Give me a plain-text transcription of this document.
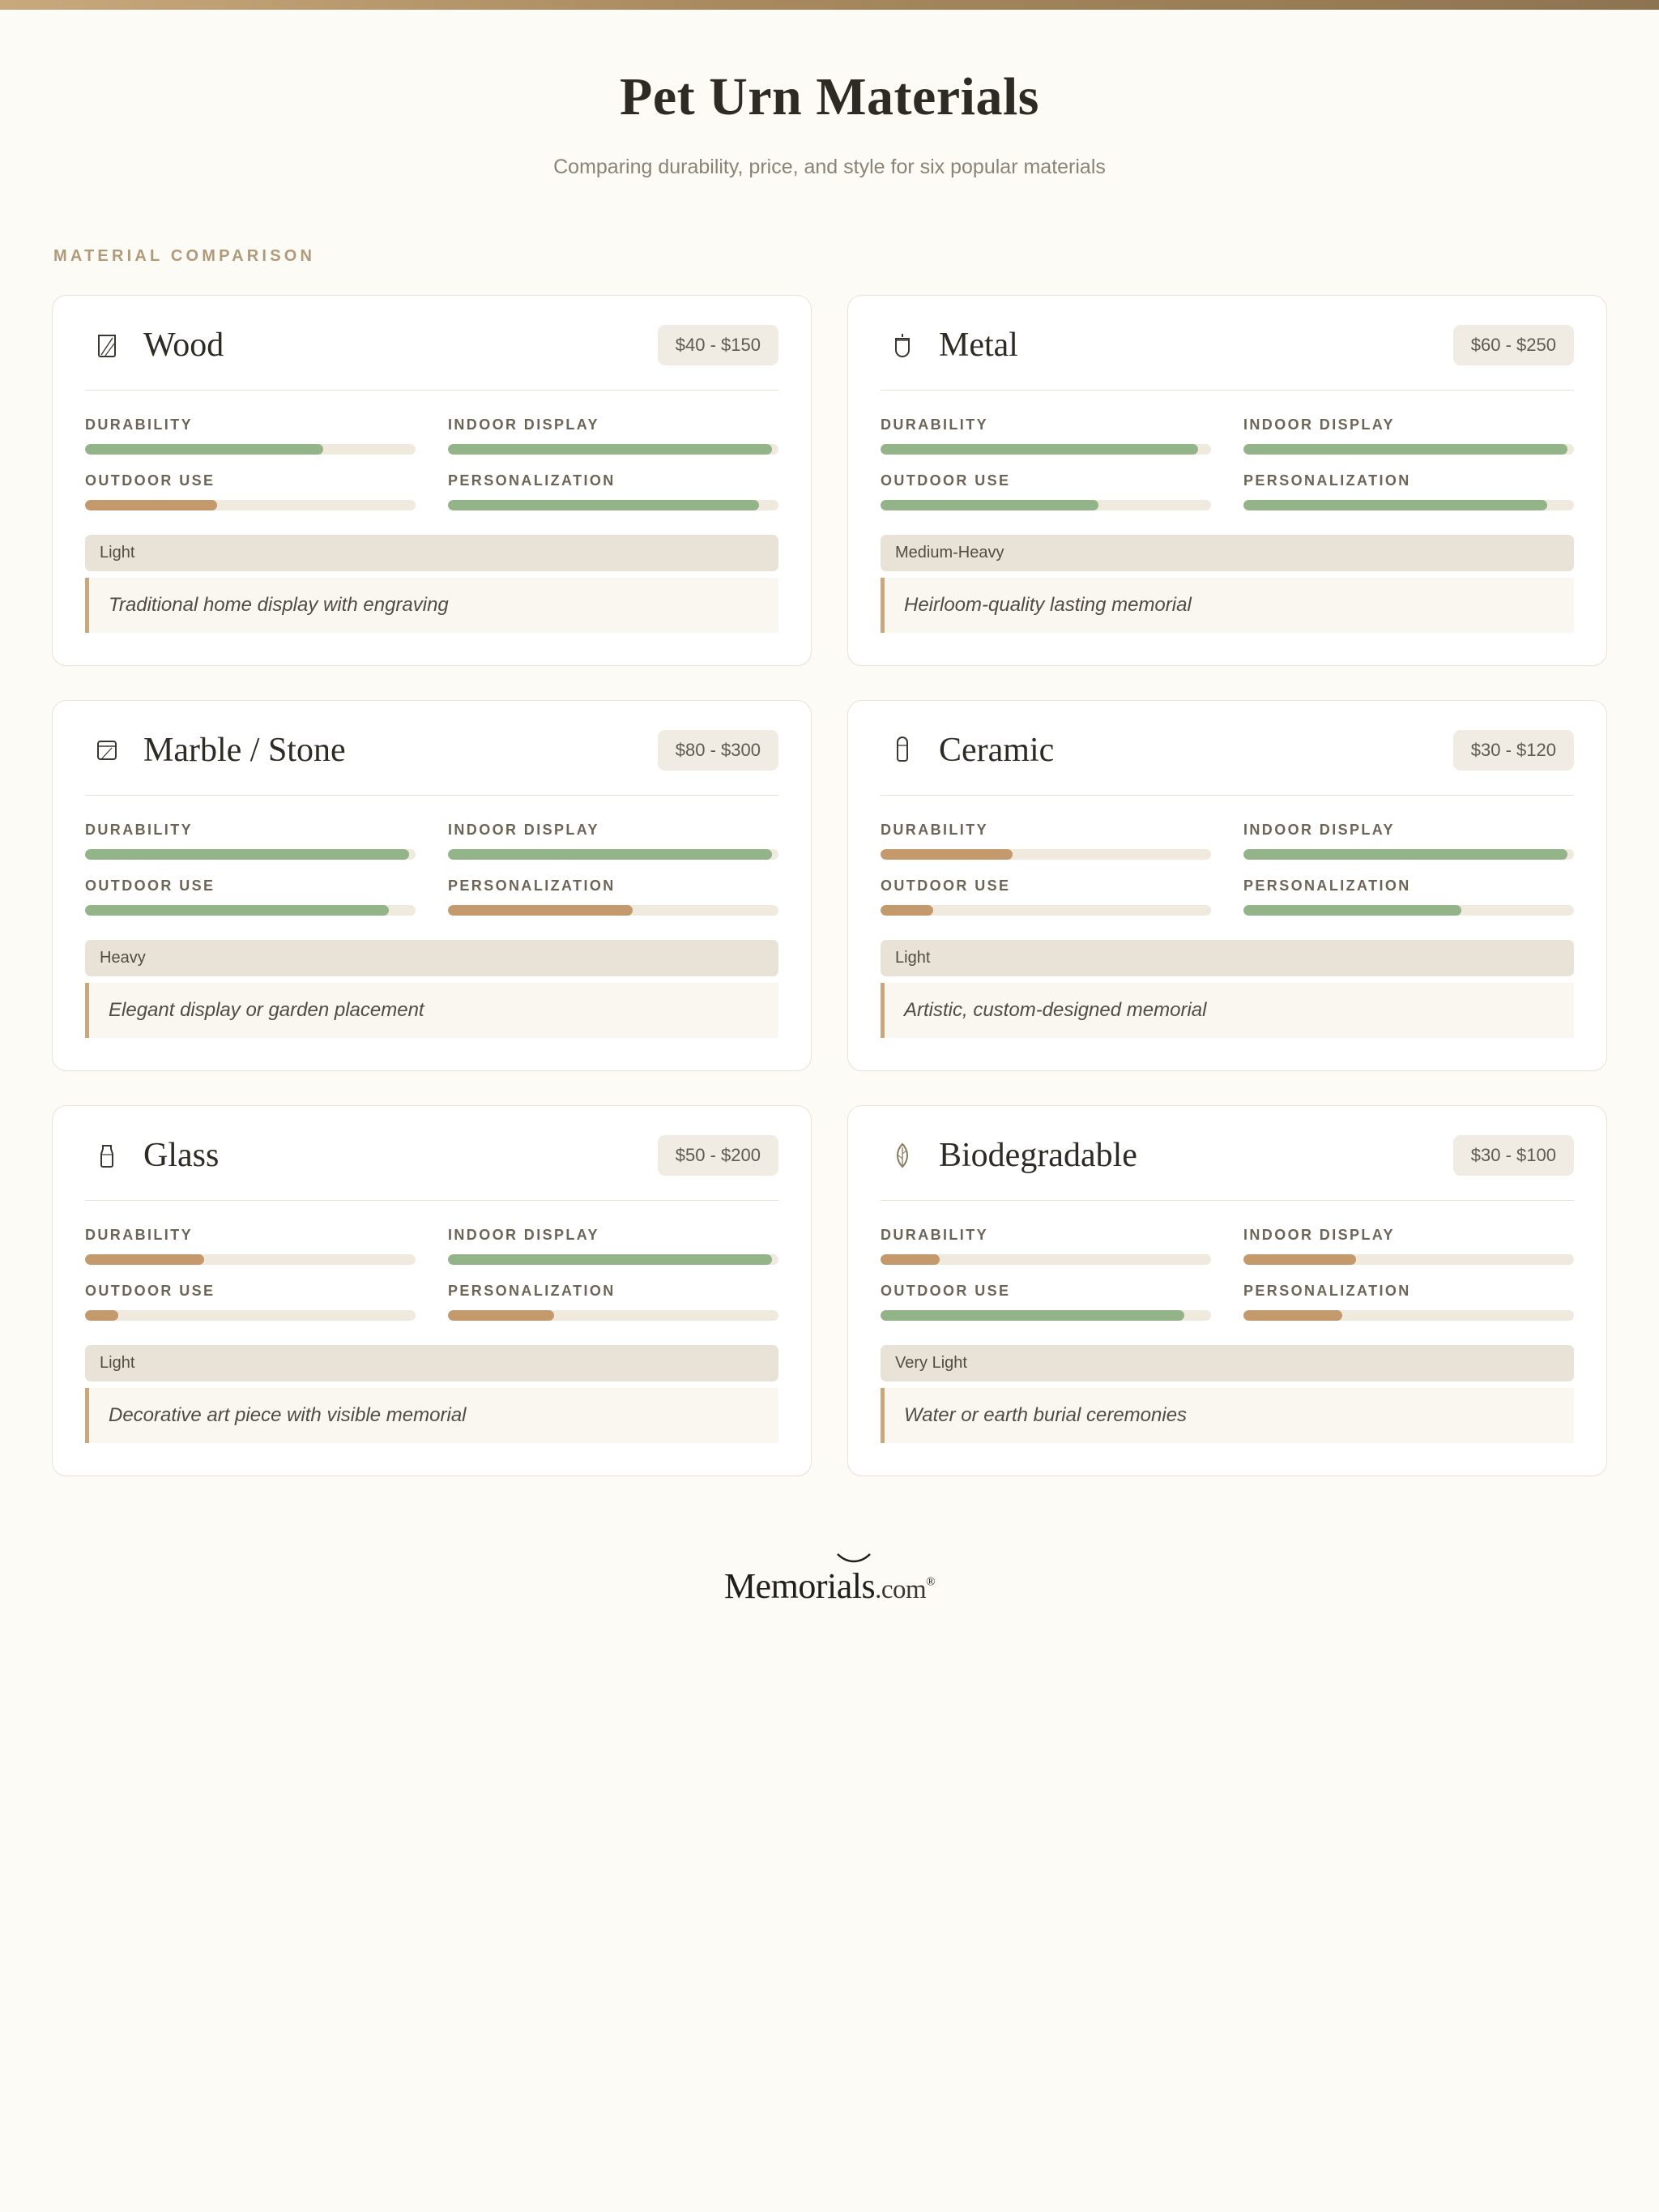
Pet Urn Materials
Comparing durability, price, and style for six popular materials
MATERIAL COMPARISON
Wood	$40 - $150
DURABILITY	INDOOR DISPLAY
OUTDOOR USE	PERSONALIZATION
Light
Traditional home display with engraving
Metal	$60 - $250
DURABILITY	INDOOR DISPLAY
OUTDOOR USE	PERSONALIZATION
Medium-Heavy
Heirloom-quality lasting memorial
Marble / Stone	$80 - $300
DURABILITY	INDOOR DISPLAY
OUTDOOR USE	PERSONALIZATION
Heavy
Elegant display or garden placement
Ceramic	$30 - $120
DURABILITY	INDOOR DISPLAY
OUTDOOR USE	PERSONALIZATION
Light
Artistic, custom-designed memorial
Glass	$50 - $200
DURABILITY	INDOOR DISPLAY
OUTDOOR USE	PERSONALIZATION
Light
Decorative art piece with visible memorial
Biodegradable	$30 - $100
DURABILITY	INDOOR DISPLAY
OUTDOOR USE	PERSONALIZATION
Very Light
Water or earth burial ceremonies
Memorials.com®
